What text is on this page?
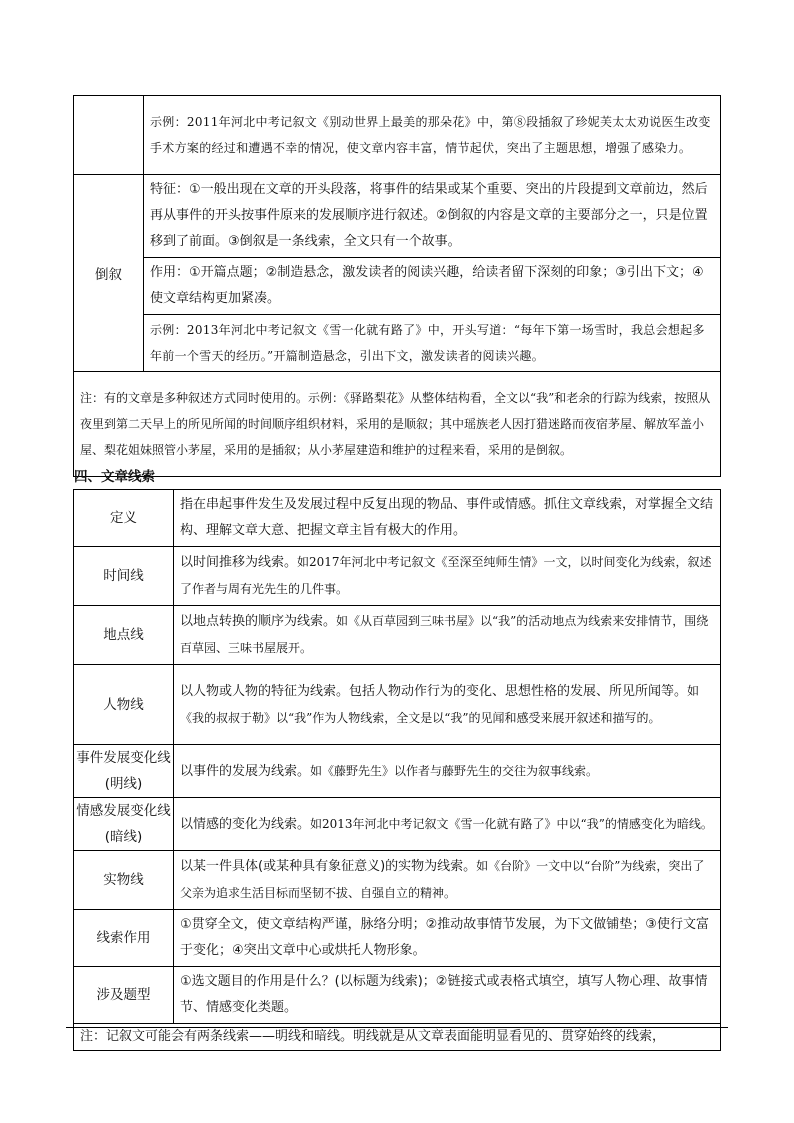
	示例：2011年河北中考记叙文《别动世界上最美的那朵花》中，第⑧段插叙了珍妮芙太太劝说医生改变手术方案的经过和遭遇不幸的情况，使文章内容丰富，情节起伏，突出了主题思想，增强了感染力。
倒叙	特征：①一般出现在文章的开头段落，将事件的结果或某个重要、突出的片段提到文章前边，然后再从事件的开头按事件原来的发展顺序进行叙述。②倒叙的内容是文章的主要部分之一，只是位置移到了前面。③倒叙是一条线索，全文只有一个故事。
	作用：①开篇点题；②制造悬念，激发读者的阅读兴趣，给读者留下深刻的印象；③引出下文；④使文章结构更加紧凑。
	示例：2013年河北中考记叙文《雪一化就有路了》中，开头写道：“每年下第一场雪时，我总会想起多年前一个雪天的经历。”开篇制造悬念，引出下文，激发读者的阅读兴趣。
注：有的文章是多种叙述方式同时使用的。示例：《驿路梨花》从整体结构看，全文以“我”和老余的行踪为线索，按照从夜里到第二天早上的所见所闻的时间顺序组织材料，采用的是顺叙；其中瑶族老人因打猎迷路而夜宿茅屋、解放军盖小屋、梨花姐妹照管小茅屋，采用的是插叙；从小茅屋建造和维护的过程来看，采用的是倒叙。	
四、文章线索
定义	指在串起事件发生及发展过程中反复出现的物品、事件或情感。抓住文章线索，对掌握全文结构、理解文章大意、把握文章主旨有极大的作用。
时间线	以时间推移为线索。如2017年河北中考记叙文《至深至纯师生情》一文，以时间变化为线索，叙述了作者与周有光先生的几件事。
地点线	以地点转换的顺序为线索。如《从百草园到三味书屋》以“我”的活动地点为线索来安排情节，围绕百草园、三味书屋展开。
人物线	以人物或人物的特征为线索。包括人物动作行为的变化、思想性格的发展、所见所闻等。如《我的叔叔于勒》以“我”作为人物线索，全文是以“我”的见闻和感受来展开叙述和描写的。
事件发展变化线(明线)	以事件的发展为线索。如《藤野先生》以作者与藤野先生的交往为叙事线索。
情感发展变化线(暗线)	以情感的变化为线索。如2013年河北中考记叙文《雪一化就有路了》中以“我”的情感变化为暗线。
实物线	以某一件具体(或某种具有象征意义)的实物为线索。如《台阶》一文中以“台阶”为线索，突出了父亲为追求生活目标而坚韧不拔、自强自立的精神。
线索作用	①贯穿全文，使文章结构严谨，脉络分明；②推动故事情节发展，为下文做铺垫；③使行文富于变化；④突出文章中心或烘托人物形象。
涉及题型	①选文题目的作用是什么？(以标题为线索)；②链接式或表格式填空，填写人物心理、故事情节、情感变化类题。
注：记叙文可能会有两条线索——明线和暗线。明线就是从文章表面能明显看见的、贯穿始终的线索，	
